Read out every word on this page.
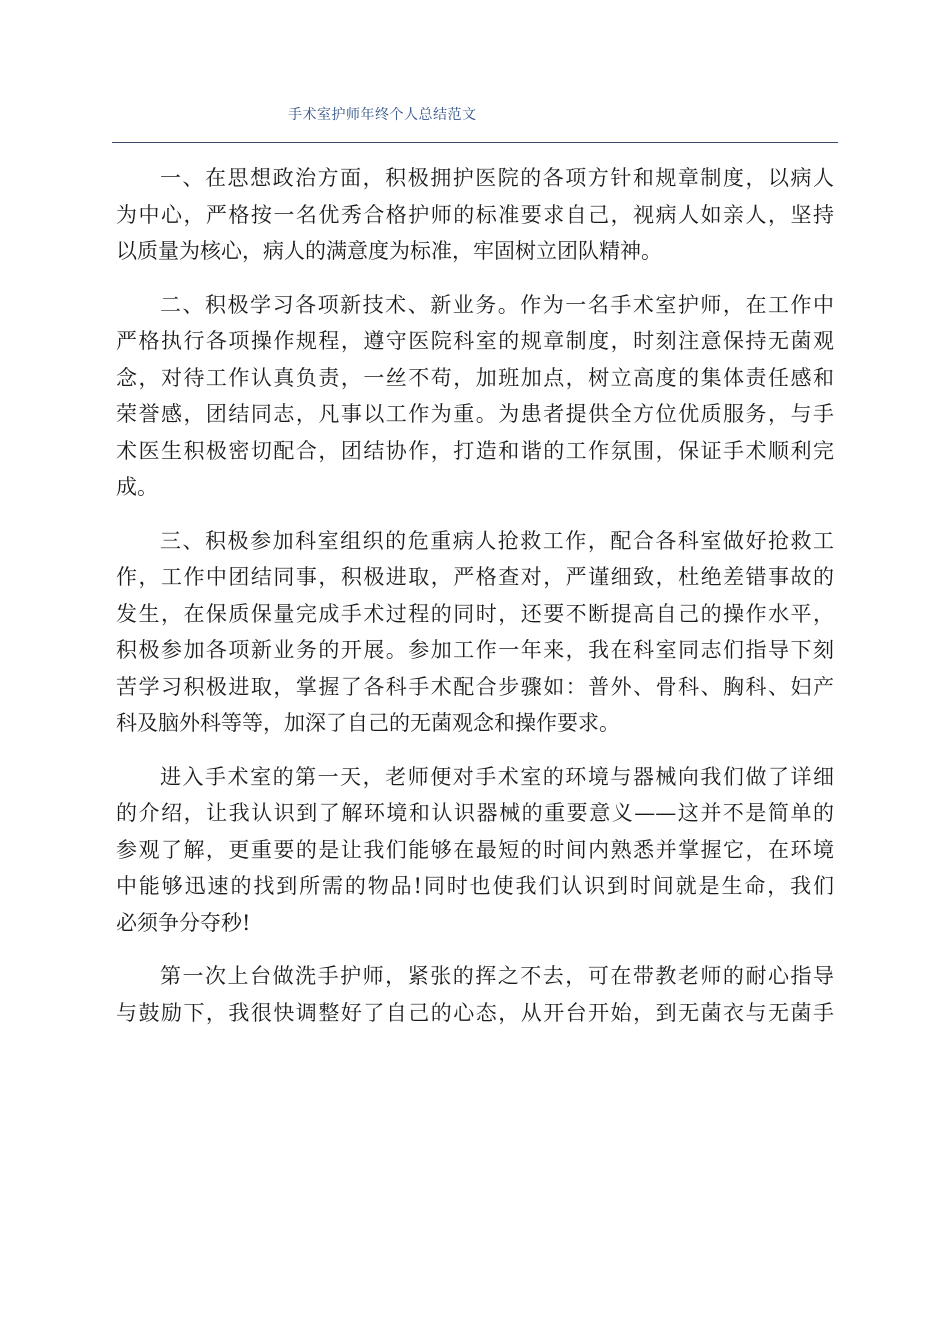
手术室护师年终个人总结范文
一、在思想政治方面，积极拥护医院的各项方针和规章制度，以病人
为中心，严格按一名优秀合格护师的标准要求自己，视病人如亲人，坚持
以质量为核心，病人的满意度为标准，牢固树立团队精神。
二、积极学习各项新技术、新业务。作为一名手术室护师，在工作中
严格执行各项操作规程，遵守医院科室的规章制度，时刻注意保持无菌观
念，对待工作认真负责，一丝不苟，加班加点，树立高度的集体责任感和
荣誉感，团结同志，凡事以工作为重。为患者提供全方位优质服务，与手
术医生积极密切配合，团结协作，打造和谐的工作氛围，保证手术顺利完
成。
三、积极参加科室组织的危重病人抢救工作，配合各科室做好抢救工
作，工作中团结同事，积极进取，严格查对，严谨细致，杜绝差错事故的
发生，在保质保量完成手术过程的同时，还要不断提高自己的操作水平，
积极参加各项新业务的开展。参加工作一年来，我在科室同志们指导下刻
苦学习积极进取，掌握了各科手术配合步骤如：普外、骨科、胸科、妇产
科及脑外科等等，加深了自己的无菌观念和操作要求。
进入手术室的第一天，老师便对手术室的环境与器械向我们做了详细
的介绍，让我认识到了解环境和认识器械的重要意义——这并不是简单的
参观了解，更重要的是让我们能够在最短的时间内熟悉并掌握它，在环境
中能够迅速的找到所需的物品!同时也使我们认识到时间就是生命，我们
必须争分夺秒!
第一次上台做洗手护师，紧张的挥之不去，可在带教老师的耐心指导
与鼓励下，我很快调整好了自己的心态，从开台开始，到无菌衣与无菌手
